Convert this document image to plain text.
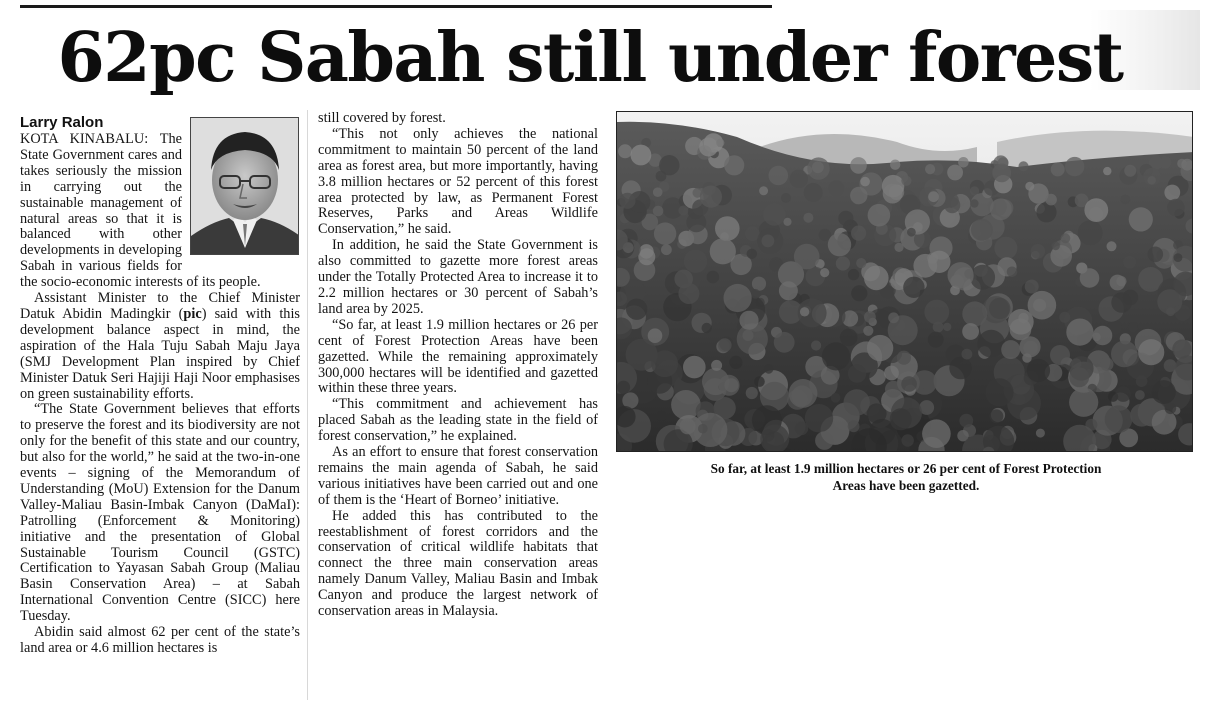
62pc Sabah still under forest
Larry Ralon

KOTA KINABALU: The State Government cares and takes seriously the mission in carrying out the sustainable management of natural areas so that it is balanced with other developments in developing Sabah in various fields for the socio-economic interests of its people.

Assistant Minister to the Chief Minister Datuk Abidin Madingkir (pic) said with this development balance aspect in mind, the aspiration of the Hala Tuju Sabah Maju Jaya (SMJ Development Plan inspired by Chief Minister Datuk Seri Hajiji Haji Noor emphasises on green sustainability efforts.

“The State Government believes that efforts to preserve the forest and its biodiversity are not only for the benefit of this state and our country, but also for the world,” he said at the two-in-one events – signing of the Memorandum of Understanding (MoU) Extension for the Danum Valley-Maliau Basin-Imbak Canyon (DaMaI): Patrolling (Enforcement & Monitoring) initiative and the presentation of Global Sustainable Tourism Council (GSTC) Certification to Yayasan Sabah Group (Maliau Basin Conservation Area) – at Sabah International Convention Centre (SICC) here Tuesday.

Abidin said almost 62 per cent of the state’s land area or 4.6 million hectares is

still covered by forest.

“This not only achieves the national commitment to maintain 50 percent of the land area as forest area, but more importantly, having 3.8 million hectares or 52 percent of this forest area protected by law, as Permanent Forest Reserves, Parks and Areas Wildlife Conservation,” he said.

In addition, he said the State Government is also committed to gazette more forest areas under the Totally Protected Area to increase it to 2.2 million hectares or 30 percent of Sabah’s land area by 2025.

“So far, at least 1.9 million hectares or 26 per cent of Forest Protection Areas have been gazetted. While the remaining approximately 300,000 hectares will be identified and gazetted within these three years.

“This commitment and achievement has placed Sabah as the leading state in the field of forest conservation,” he explained.

As an effort to ensure that forest conservation remains the main agenda of Sabah, he said various initiatives have been carried out and one of them is the ‘Heart of Borneo’ initiative.

He added this has contributed to the reestablishment of forest corridors and the conservation of critical wildlife habitats that connect the three main conservation areas namely Danum Valley, Maliau Basin and Imbak Canyon and produce the largest network of conservation areas in Malaysia.

So far, at least 1.9 million hectares or 26 per cent of Forest Protection Areas have been gazetted.
